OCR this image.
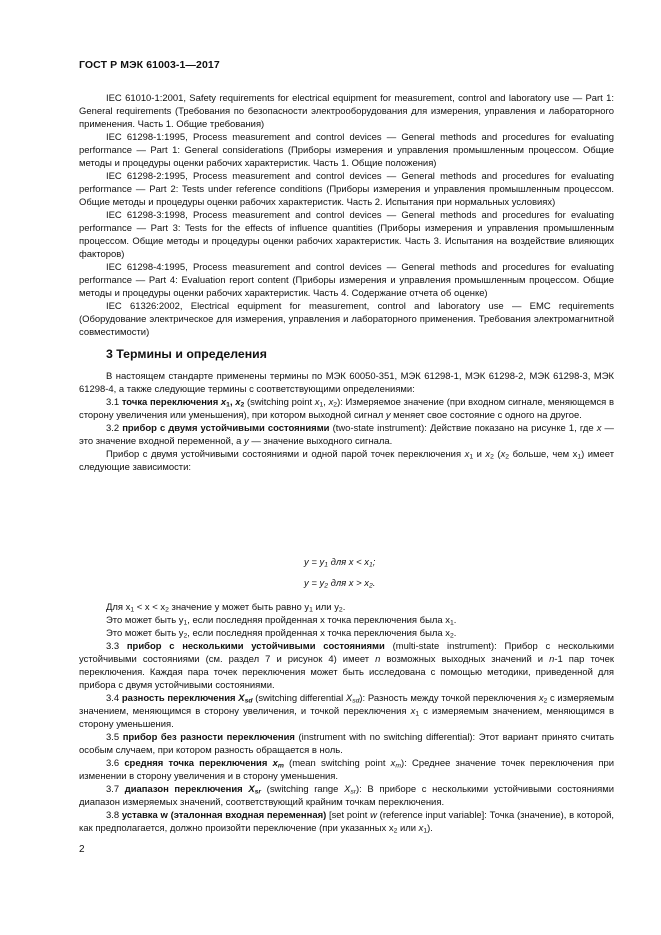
ГОСТ Р МЭК 61003-1—2017

IEC 61010-1:2001, Safety requirements for electrical equipment for measurement, control and laboratory use — Part 1: General requirements (Требования по безопасности электрооборудования для измерения, управления и лабораторного применения. Часть 1. Общие требования)

IEC 61298-1:1995, Process measurement and control devices — General methods and procedures for evaluating performance — Part 1: General considerations (Приборы измерения и управления промышленным процессом. Общие методы и процедуры оценки рабочих характеристик. Часть 1. Общие положения)

IEC 61298-2:1995, Process measurement and control devices — General methods and procedures for evaluating performance — Part 2: Tests under reference conditions (Приборы измерения и управления промышленным процессом. Общие методы и процедуры оценки рабочих характеристик. Часть 2. Испытания при нормальных условиях)

IEC 61298-3:1998, Process measurement and control devices — General methods and procedures for evaluating performance — Part 3: Tests for the effects of influence quantities (Приборы измерения и управления промышленным процессом. Общие методы и процедуры оценки рабочих характеристик. Часть 3. Испытания на воздействие влияющих факторов)

IEC 61298-4:1995, Process measurement and control devices — General methods and procedures for evaluating performance — Part 4: Evaluation report content (Приборы измерения и управления промышленным процессом. Общие методы и процедуры оценки рабочих характеристик. Часть 4. Содержание отчета об оценке)

IEC 61326:2002, Electrical equipment for measurement, control and laboratory use — EMC requirements (Оборудование электрическое для измерения, управления и лабораторного применения. Требования электромагнитной совместимости)

3 Термины и определения

В настоящем стандарте применены термины по МЭК 60050-351, МЭК 61298-1, МЭК 61298-2, МЭК 61298-3, МЭК 61298-4, а также следующие термины с соответствующими определениями:

3.1 точка переключения $x_1$, $x_2$ (switching point $x_1$, $x_2$): Измеряемое значение (при входном сигнале, меняющемся в сторону увеличения или уменьшения), при котором выходной сигнал y меняет свое состояние с одного на другое.

3.2 прибор с двумя устойчивыми состояниями (two-state instrument): Действие показано на рисунке 1, где x — это значение входной переменной, а y — значение выходного сигнала.

Прибор с двумя устойчивыми состояниями и одной парой точек переключения $x_1$ и $x_2$ ($x_2$ больше, чем $x_1$) имеет следующие зависимости:

$y = y_1$ для $x < x_1$;
$y = y_2$ для $x > x_2$.

Для $x_1 < x < x_2$ значение y может быть равно $y_1$ или $y_2$.

Это может быть $y_1$, если последняя пройденная x точка переключения была $x_1$.

Это может быть $y_2$, если последняя пройденная x точка переключения была $x_2$.

3.3 прибор с несколькими устойчивыми состояниями (multi-state instrument): Прибор с несколькими устойчивыми состояниями (см. раздел 7 и рисунок 4) имеет n возможных выходных значений и n-1 пар точек переключения. Каждая пара точек переключения может быть исследована с помощью методики, приведенной для прибора с двумя устойчивыми состояниями.

3.4 разность переключения $X_{sd}$ (switching differential $X_{sd}$): Разность между точкой переключения $x_2$ с измеряемым значением, меняющимся в сторону увеличения, и точкой переключения $x_1$ с измеряемым значением, меняющимся в сторону уменьшения.

3.5 прибор без разности переключения (instrument with no switching differential): Этот вариант принято считать особым случаем, при котором разность обращается в ноль.

3.6 средняя точка переключения $x_m$ (mean switching point $x_m$): Среднее значение точек переключения при изменении в сторону увеличения и в сторону уменьшения.

3.7 диапазон переключения $X_{sr}$ (switching range $X_{sr}$): В приборе с несколькими устойчивыми состояниями диапазон измеряемых значений, соответствующий крайним точкам переключения.

3.8 уставка w (эталонная входная переменная) [set point w (reference input variable]: Точка (значение), в которой, как предполагается, должно произойти переключение (при указанных $x_2$ или $x_1$).

2
